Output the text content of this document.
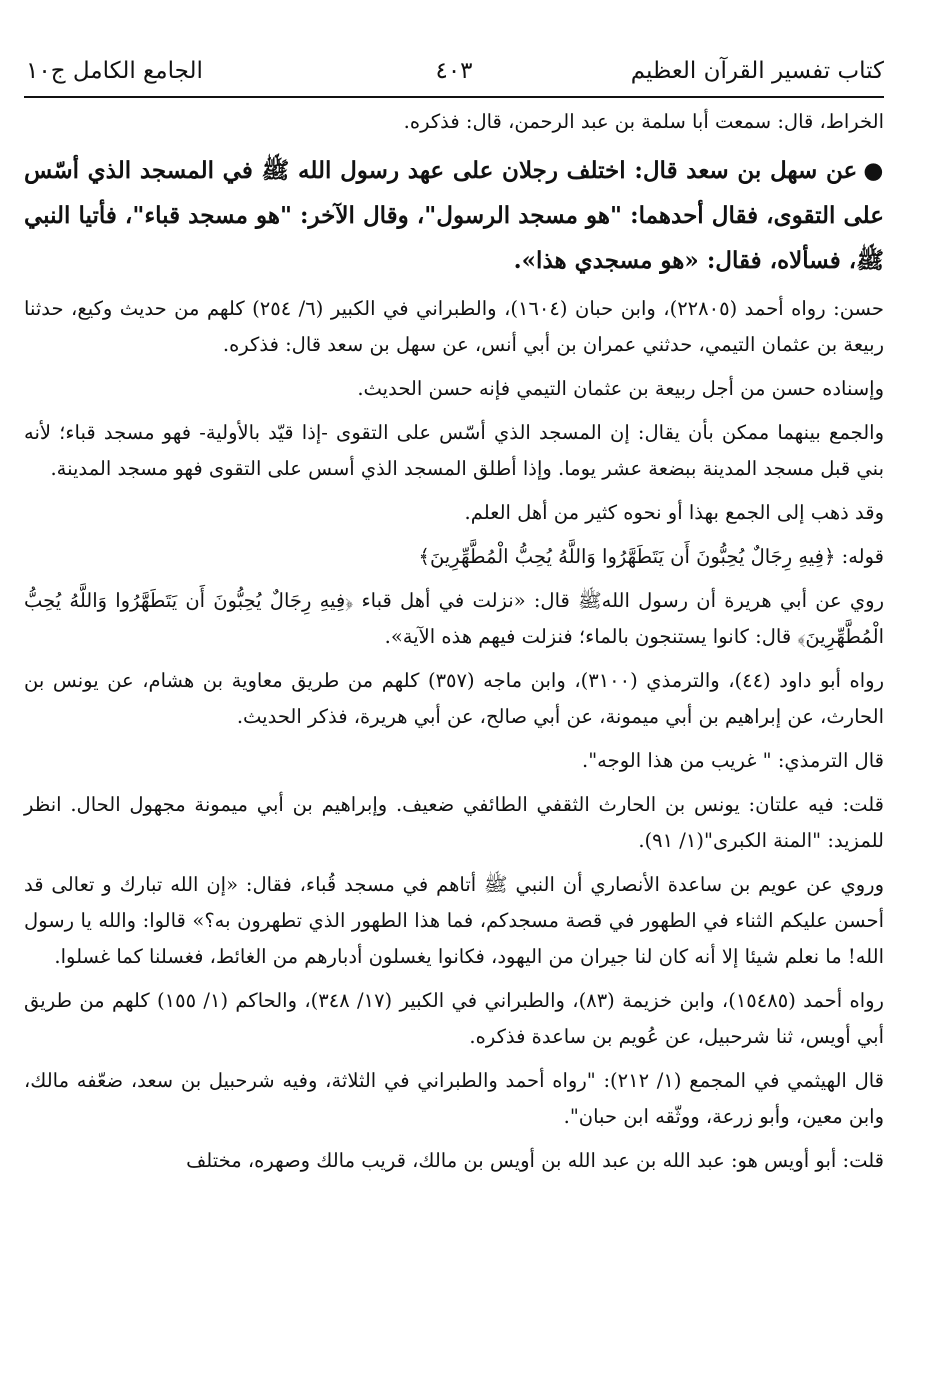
كتاب تفسير القرآن العظيم
٤٠٣
الجامع الكامل ج١٠

الخراط، قال: سمعت أبا سلمة بن عبد الرحمن، قال: فذكره.

●عن سهل بن سعد قال: اختلف رجلان على عهد رسول الله ﷺ في المسجد الذي أسّس على التقوى، فقال أحدهما: "هو مسجد الرسول"، وقال الآخر: "هو مسجد قباء"، فأتيا النبي ﷺ، فسألاه، فقال: «هو مسجدي هذا».

حسن: رواه أحمد (٢٢٨٠٥)، وابن حبان (١٦٠٤)، والطبراني في الكبير (٦/ ٢٥٤) كلهم من حديث وكيع، حدثنا ربيعة بن عثمان التيمي، حدثني عمران بن أبي أنس، عن سهل بن سعد قال: فذكره.

وإسناده حسن من أجل ربيعة بن عثمان التيمي فإنه حسن الحديث.

والجمع بينهما ممكن بأن يقال: إن المسجد الذي أسّس على التقوى -إذا قيّد بالأولية- فهو مسجد قباء؛ لأنه بني قبل مسجد المدينة ببضعة عشر يوما. وإذا أطلق المسجد الذي أسس على التقوى فهو مسجد المدينة.

وقد ذهب إلى الجمع بهذا أو نحوه كثير من أهل العلم.

قوله: ﴿فِيهِ رِجَالٌ يُحِبُّونَ أَن يَتَطَهَّرُوا وَاللَّهُ يُحِبُّ الْمُطَّهِّرِينَ﴾

روي عن أبي هريرة أن رسول اللهﷺ قال: «نزلت في أهل قباء ﴿فِيهِ رِجَالٌ يُحِبُّونَ أَن يَتَطَهَّرُوا وَاللَّهُ يُحِبُّ الْمُطَّهِّرِينَ﴾ قال: كانوا يستنجون بالماء؛ فنزلت فيهم هذه الآية».

رواه أبو داود (٤٤)، والترمذي (٣١٠٠)، وابن ماجه (٣٥٧) كلهم من طريق معاوية بن هشام، عن يونس بن الحارث، عن إبراهيم بن أبي ميمونة، عن أبي صالح، عن أبي هريرة، فذكر الحديث.

قال الترمذي: " غريب من هذا الوجه".

قلت: فيه علتان: يونس بن الحارث الثقفي الطائفي ضعيف. وإبراهيم بن أبي ميمونة مجهول الحال. انظر للمزيد: "المنة الكبرى"(١/ ٩١).

وروي عن عويم بن ساعدة الأنصاري أن النبي ﷺ أتاهم في مسجد قُباء، فقال: «إن الله تبارك و تعالى قد أحسن عليكم الثناء في الطهور في قصة مسجدكم، فما هذا الطهور الذي تطهرون به؟» قالوا: والله يا رسول الله! ما نعلم شيئا إلا أنه كان لنا جيران من اليهود، فكانوا يغسلون أدبارهم من الغائط، فغسلنا كما غسلوا.

رواه أحمد (١٥٤٨٥)، وابن خزيمة (٨٣)، والطبراني في الكبير (١٧/ ٣٤٨)، والحاكم (١/ ١٥٥) كلهم من طريق أبي أويس، ثنا شرحبيل، عن عُويم بن ساعدة فذكره.

قال الهيثمي في المجمع (١/ ٢١٢): "رواه أحمد والطبراني في الثلاثة، وفيه شرحبيل بن سعد، ضعّفه مالك، وابن معين، وأبو زرعة، ووثّقه ابن حبان".

قلت: أبو أويس هو: عبد الله بن عبد الله بن أويس بن مالك، قريب مالك وصهره، مختلف
